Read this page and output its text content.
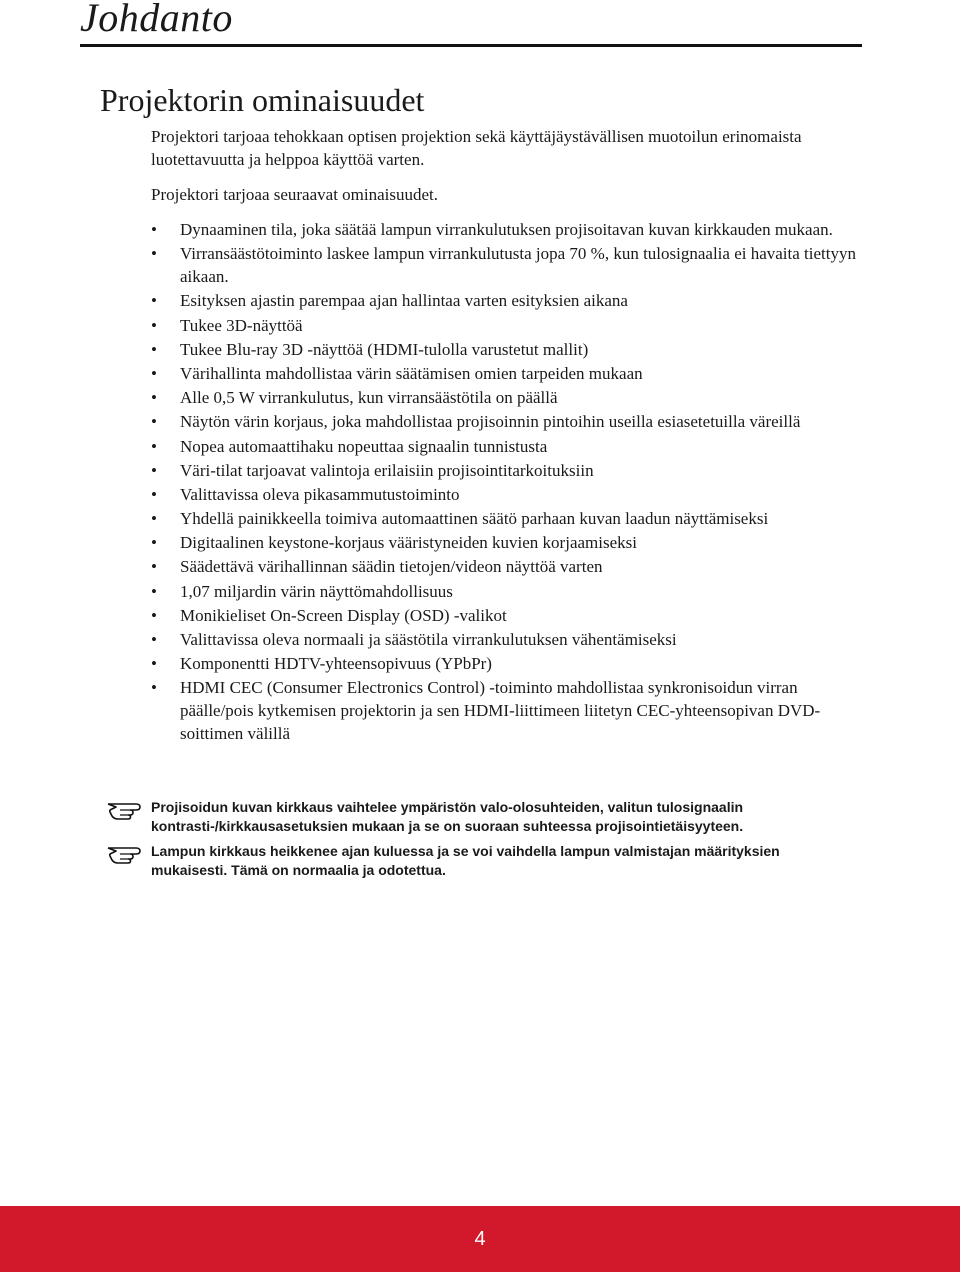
Johdanto
Projektorin ominaisuudet

Projektori tarjoaa tehokkaan optisen projektion sekä käyttäjäystävällisen muotoilun erinomaista luotettavuutta ja helppoa käyttöä varten.

Projektori tarjoaa seuraavat ominaisuudet.

•	Dynaaminen tila, joka säätää lampun virrankulutuksen projisoitavan kuvan kirkkauden mukaan.
•	Virransäästötoiminto laskee lampun virrankulutusta jopa 70 %, kun tulosignaalia ei havaita tiettyyn aikaan.
•	Esityksen ajastin parempaa ajan hallintaa varten esityksien aikana
•	Tukee 3D-näyttöä
•	Tukee Blu-ray 3D -näyttöä (HDMI-tulolla varustetut mallit)
•	Värihallinta mahdollistaa värin säätämisen omien tarpeiden mukaan
•	Alle 0,5 W virrankulutus, kun virransäästötila on päällä
•	Näytön värin korjaus, joka mahdollistaa projisoinnin pintoihin useilla esiasetetuilla väreillä
•	Nopea automaattihaku nopeuttaa signaalin tunnistusta
•	Väri-tilat tarjoavat valintoja erilaisiin projisointitarkoituksiin
•	Valittavissa oleva pikasammutustoiminto
•	Yhdellä painikkeella toimiva automaattinen säätö parhaan kuvan laadun näyttämiseksi
•	Digitaalinen keystone-korjaus vääristyneiden kuvien korjaamiseksi
•	Säädettävä värihallinnan säädin tietojen/videon näyttöä varten
•	1,07 miljardin värin näyttömahdollisuus
•	Monikieliset On-Screen Display (OSD) -valikot
•	Valittavissa oleva normaali ja säästötila virrankulutuksen vähentämiseksi
•	Komponentti HDTV-yhteensopivuus (YPbPr)
•	HDMI CEC (Consumer Electronics Control) -toiminto mahdollistaa synkronisoidun virran päälle/pois kytkemisen projektorin ja sen HDMI-liittimeen liitetyn CEC-yhteensopivan DVD-soittimen välillä
Projisoidun kuvan kirkkaus vaihtelee ympäristön valo-olosuhteiden, valitun tulosignaalin kontrasti-/kirkkausasetuksien mukaan ja se on suoraan suhteessa projisointietäisyyteen.
Lampun kirkkaus heikkenee ajan kuluessa ja se voi vaihdella lampun valmistajan määrityksien mukaisesti. Tämä on normaalia ja odotettua.
4
